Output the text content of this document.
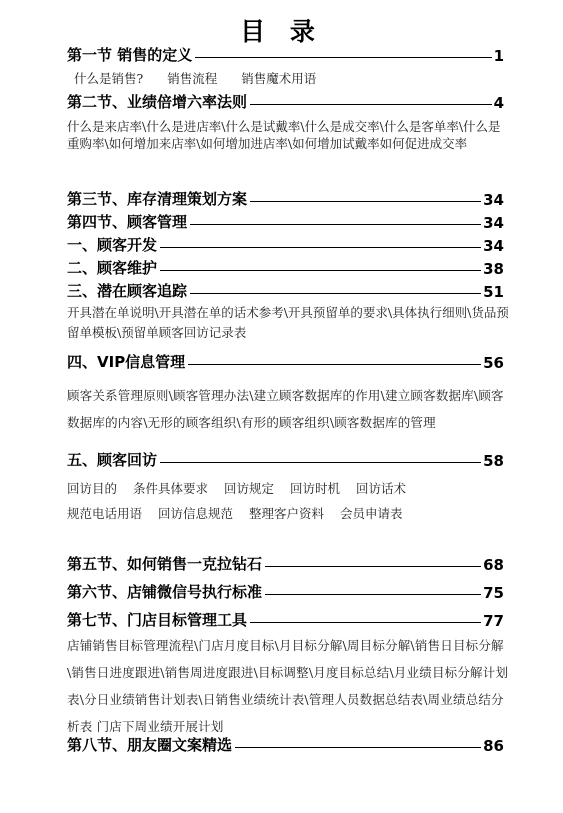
目 录
第一节 销售的定义	1
什么是销售? 销售流程 销售魔术用语
第二节、业绩倍增六率法则	4
什么是来店率\什么是进店率\什么是试戴率\什么是成交率\什么是客单率\什么是重购率\如何增加来店率\如何增加进店率\如何增加试戴率如何促进成交率
第三节、库存清理策划方案	34
第四节、顾客管理	34
一、顾客开发	34
二、顾客维护	38
三、潜在顾客追踪	51
开具潜在单说明\开具潜在单的话术参考\开具预留单的要求\具体执行细则\货品预留单模板\预留单顾客回访记录表
四、VIP信息管理	56
顾客关系管理原则\顾客管理办法\建立顾客数据库的作用\建立顾客数据库\顾客数据库的内容\无形的顾客组织\有形的顾客组织\顾客数据库的管理
五、顾客回访	58
回访目的 条件具体要求 回访规定 回访时机 回访话术
规范电话用语 回访信息规范 整理客户资料 会员申请表
第五节、如何销售一克拉钻石	68
第六节、店铺微信号执行标准	75
第七节、门店目标管理工具	77
店铺销售目标管理流程\门店月度目标\月目标分解\周目标分解\销售日目标分解\销售日进度跟进\销售周进度跟进\目标调整\月度目标总结\月业绩目标分解计划表\分日业绩销售计划表\日销售业绩统计表\管理人员数据总结表\周业绩总结分析表 门店下周业绩开展计划
第八节、朋友圈文案精选	86
